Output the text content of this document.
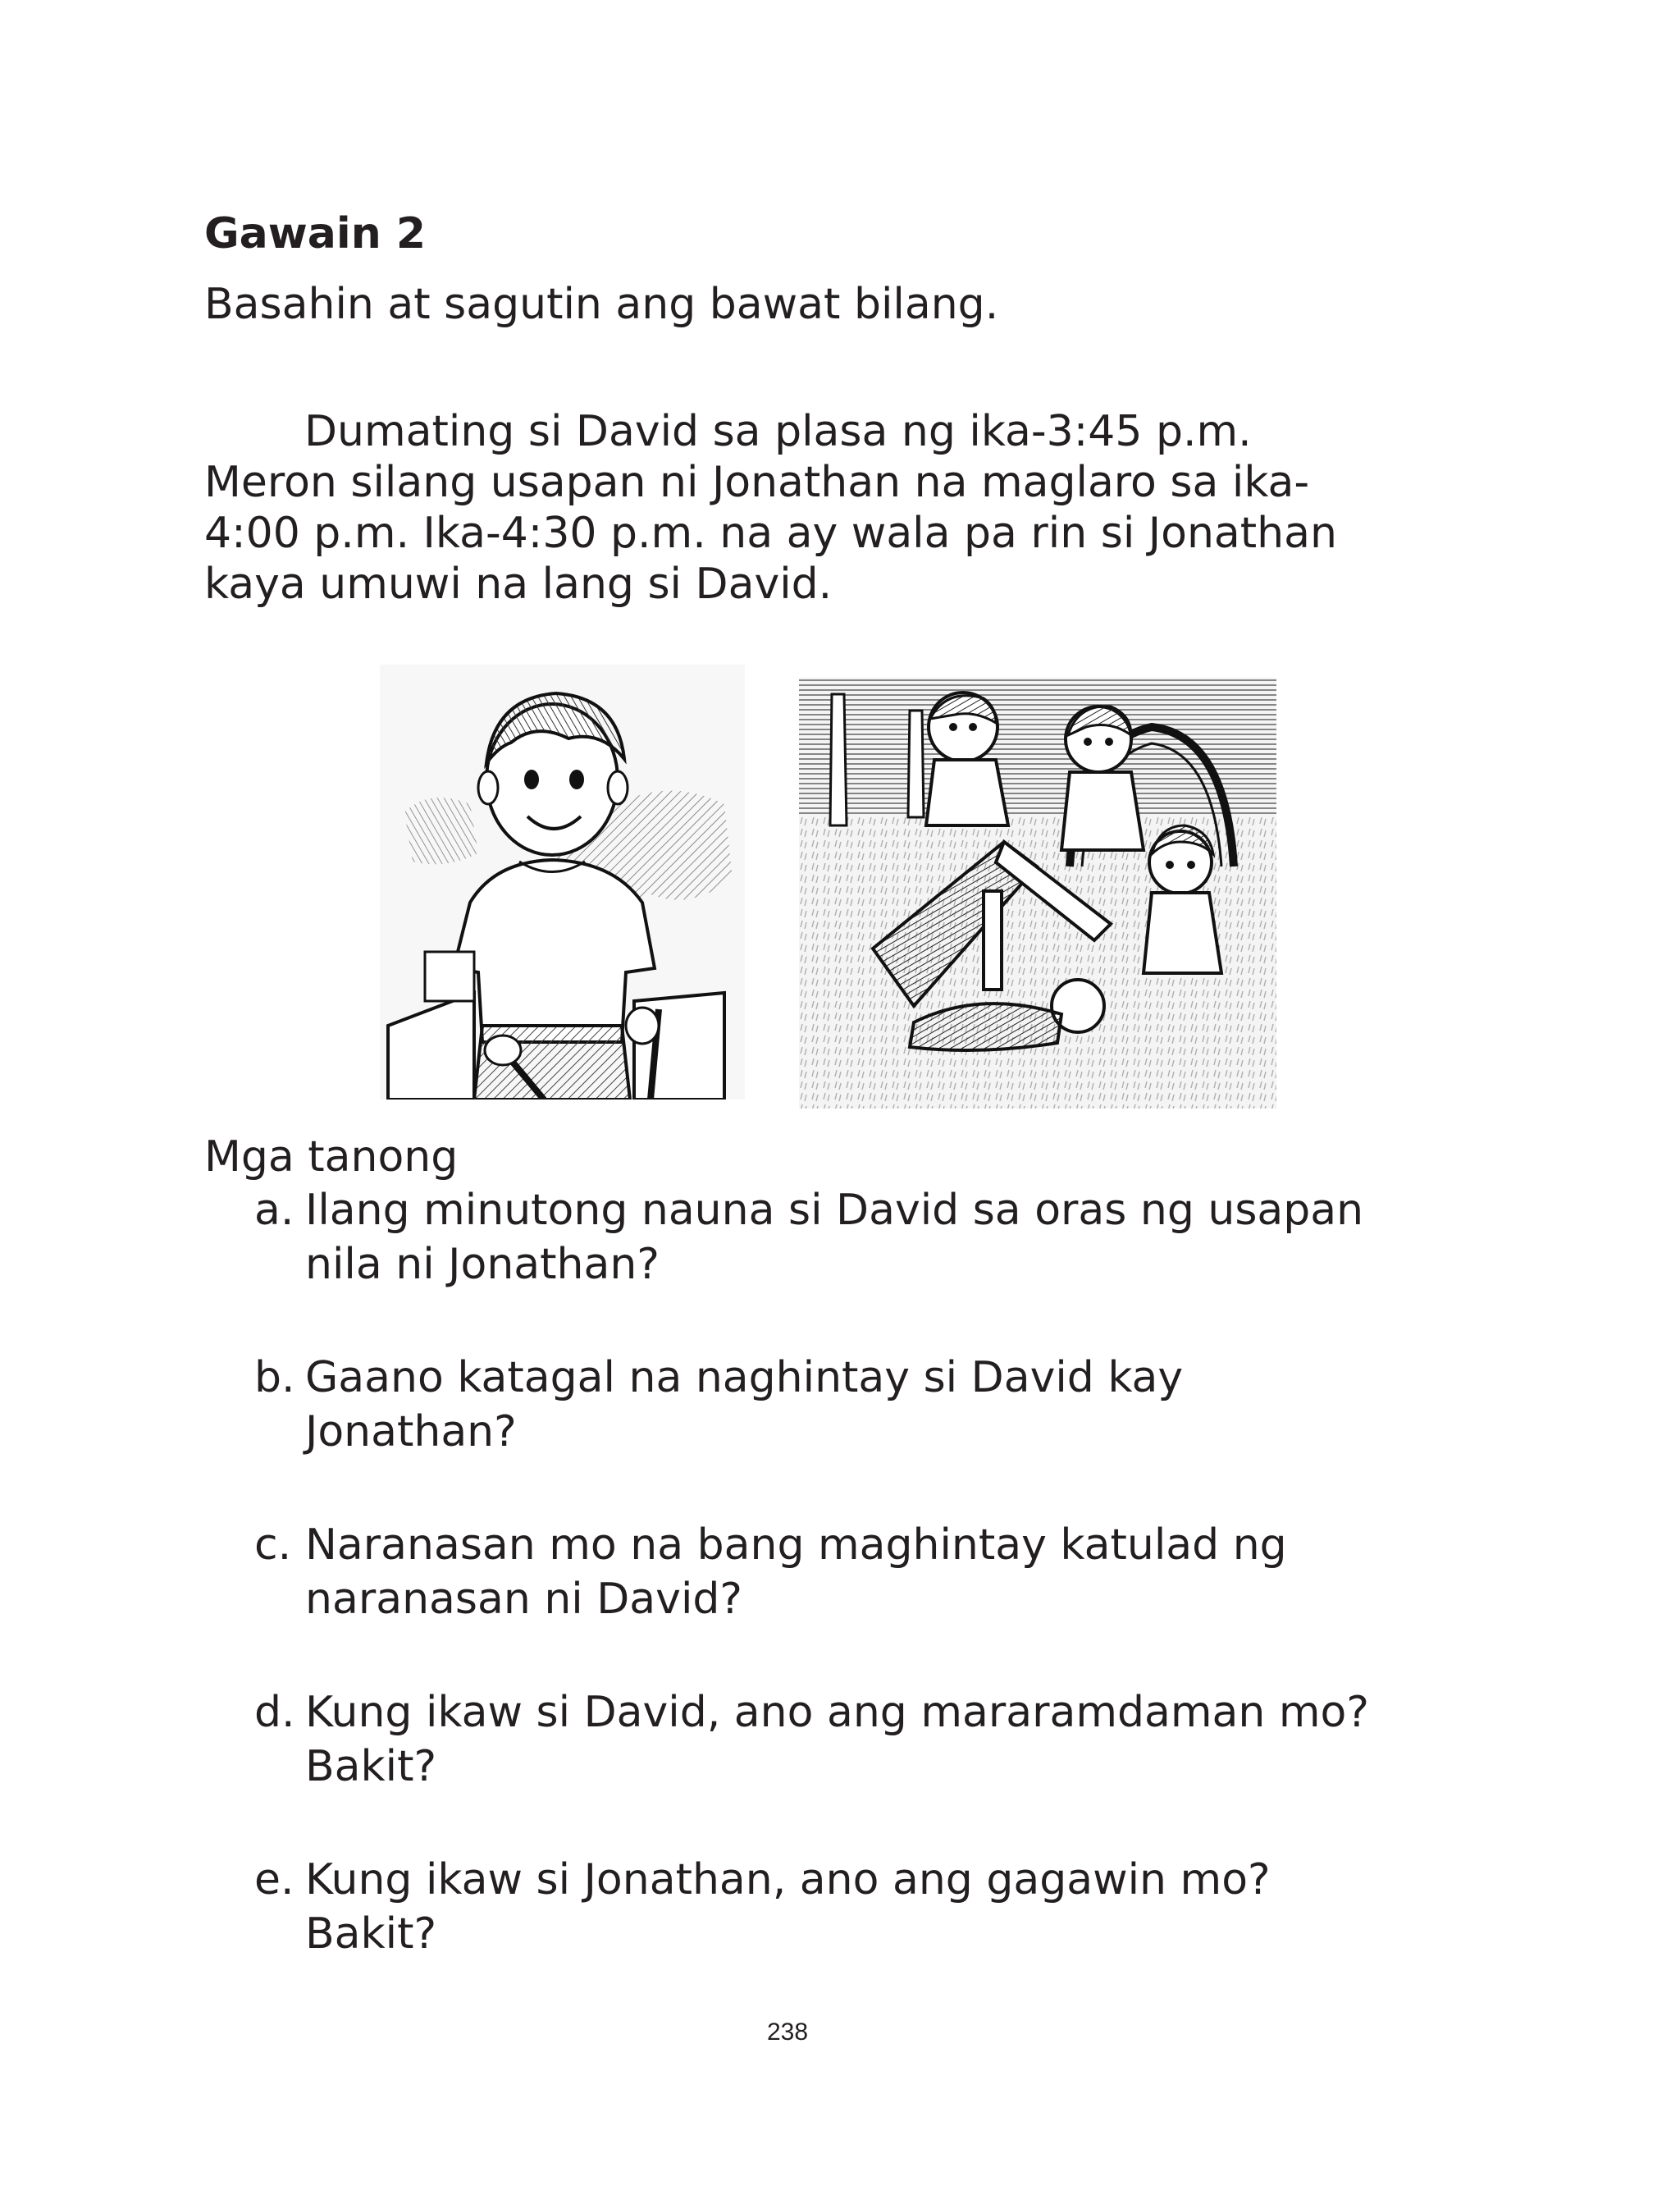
Gawain 2

Basahin at sagutin ang bawat bilang.

Dumating si David sa plasa ng ika-3:45 p.m.
Meron silang usapan ni Jonathan na maglaro sa ika-
4:00 p.m. Ika-4:30 p.m. na ay wala pa rin si Jonathan
kaya umuwi na lang si David.

Mga tanong

a. Ilang minutong nauna si David sa oras ng usapan nila ni Jonathan?
b. Gaano katagal na naghintay si David kay Jonathan?
c. Naranasan mo na bang maghintay katulad ng naranasan ni David?
d. Kung ikaw si David, ano ang mararamdaman mo? Bakit?
e. Kung ikaw si Jonathan, ano ang gagawin mo? Bakit?
238
